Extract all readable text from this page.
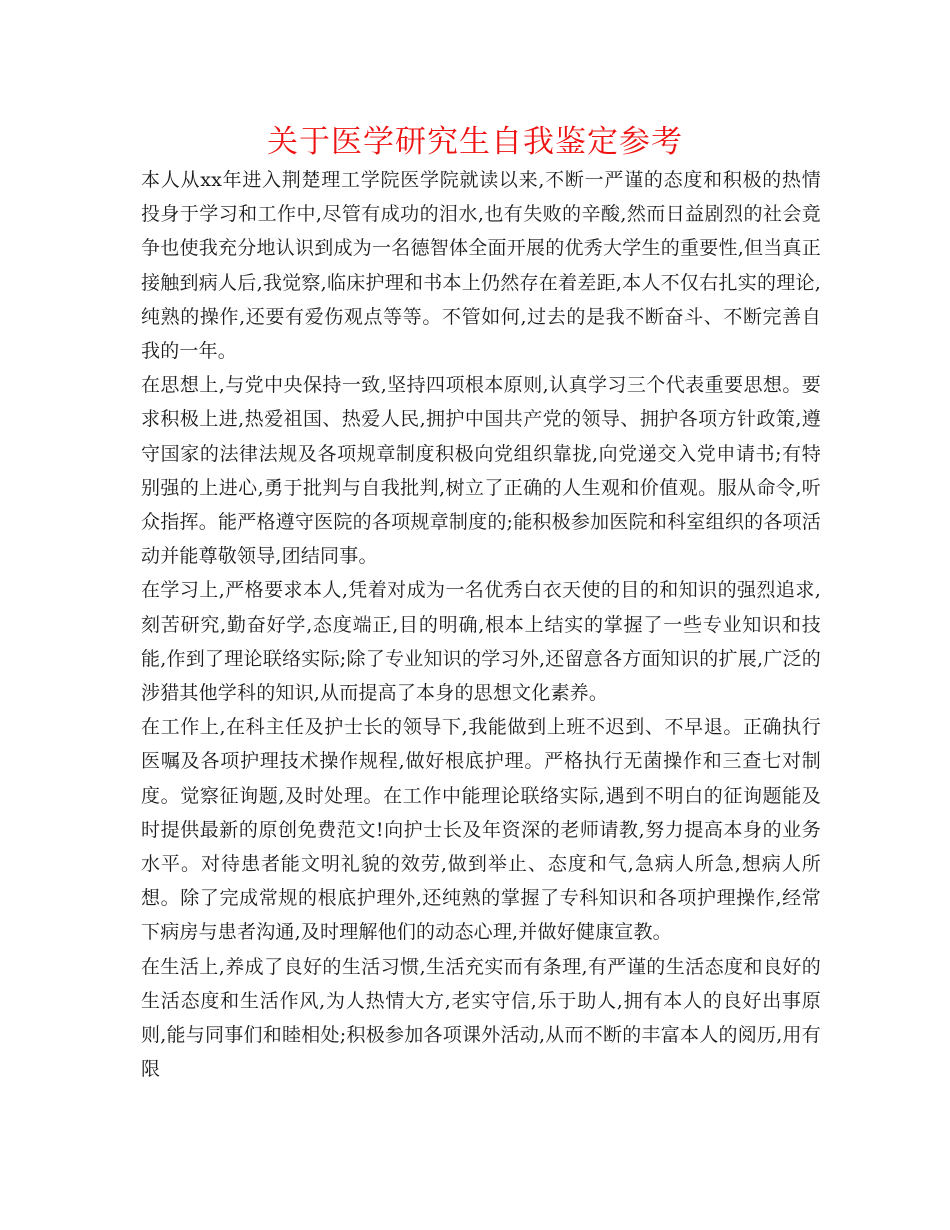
关于医学研究生自我鉴定参考

本人从xx年进入荆楚理工学院医学院就读以来,不断一严谨的态度和积极的热情投身于学习和工作中,尽管有成功的泪水,也有失败的辛酸,然而日益剧烈的社会竟争也使我充分地认识到成为一名德智体全面开展的优秀大学生的重要性,但当真正接触到病人后,我觉察,临床护理和书本上仍然存在着差距,本人不仅右扎实的理论,纯熟的操作,还要有爱伤观点等等。不管如何,过去的是我不断奋斗、不断完善自我的一年。

在思想上,与党中央保持一致,坚持四项根本原则,认真学习三个代表重要思想。要求积极上进,热爱祖国、热爱人民,拥护中国共产党的领导、拥护各项方针政策,遵守国家的法律法规及各项规章制度积极向党组织靠拢,向党递交入党申请书;有特别强的上进心,勇于批判与自我批判,树立了正确的人生观和价值观。服从命令,听众指挥。能严格遵守医院的各项规章制度的;能积极参加医院和科室组织的各项活动并能尊敬领导,团结同事。

在学习上,严格要求本人,凭着对成为一名优秀白衣天使的目的和知识的强烈追求,刻苦研究,勤奋好学,态度端正,目的明确,根本上结实的掌握了一些专业知识和技能,作到了理论联络实际;除了专业知识的学习外,还留意各方面知识的扩展,广泛的涉猎其他学科的知识,从而提高了本身的思想文化素养。

在工作上,在科主任及护士长的领导下,我能做到上班不迟到、不早退。正确执行医嘱及各项护理技术操作规程,做好根底护理。严格执行无菌操作和三查七对制度。觉察征询题,及时处理。在工作中能理论联络实际,遇到不明白的征询题能及时提供最新的原创免费范文!向护士长及年资深的老师请教,努力提高本身的业务水平。对待患者能文明礼貌的效劳,做到举止、态度和气,急病人所急,想病人所想。除了完成常规的根底护理外,还纯熟的掌握了专科知识和各项护理操作,经常下病房与患者沟通,及时理解他们的动态心理,并做好健康宣教。

在生活上,养成了良好的生活习惯,生活充实而有条理,有严谨的生活态度和良好的生活态度和生活作风,为人热情大方,老实守信,乐于助人,拥有本人的良好出事原则,能与同事们和睦相处;积极参加各项课外活动,从而不断的丰富本人的阅历,用有限
